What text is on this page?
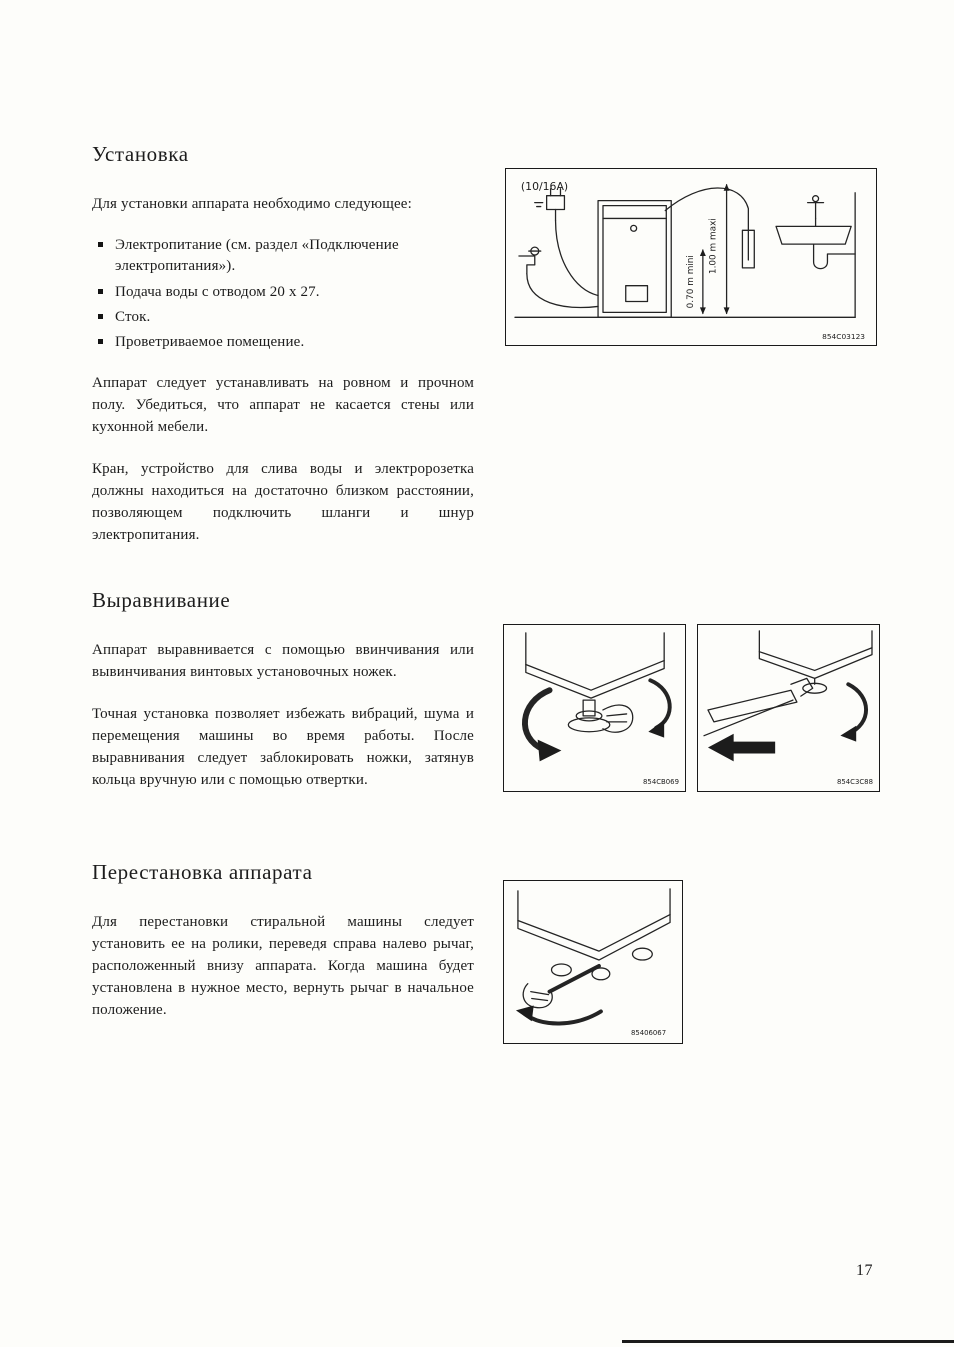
Установка

Для установки аппарата необходимо следующее:

Электропитание (см. раздел «Подключение электропитания»).
Подача воды с отводом 20 х 27.
Сток.
Проветриваемое помещение.

Аппарат следует устанавливать на ровном и прочном полу. Убедиться, что аппарат не касается стены или кухонной мебели.

Кран, устройство для слива воды и электророзетка должны находиться на достаточно близком расстоянии, позволяющем подключить шланги и шнур электропитания.

(10/16A)
0.70 m mini
1.00 m maxi
854C03123
Выравнивание

Аппарат выравнивается с помощью ввинчивания или вывинчивания винтовых установочных ножек.

Точная установка позволяет избежать вибраций, шума и перемещения машины во время работы. После выравнивания следует заблокировать ножки, затянув кольца вручную или с помощью отвертки.	854CB069	854C3C88
Перестановка аппарата

Для перестановки стиральной машины следует установить ее на ролики, переведя справа налево рычаг, расположенный внизу аппарата. Когда машина будет установлена в нужное место, вернуть рычаг в начальное положение.

85406067
17
